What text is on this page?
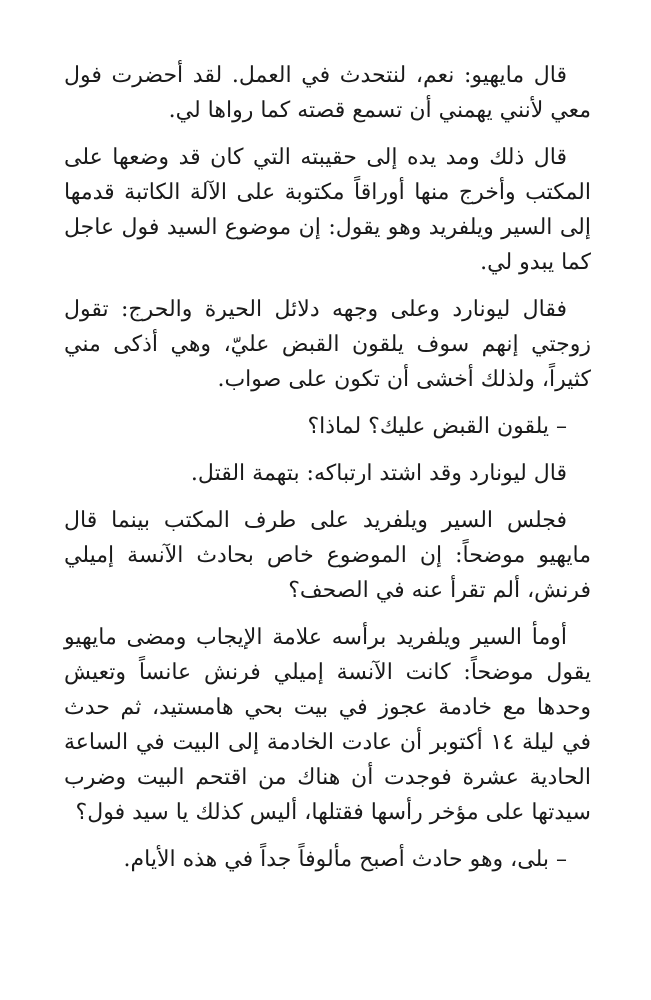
قال مايهيو: نعم، لنتحدث في العمل. لقد أحضرت فول معي لأنني يهمني أن تسمع قصته كما رواها لي.

قال ذلك ومد يده إلى حقيبته التي كان قد وضعها على المكتب وأخرج منها أوراقاً مكتوبة على الآلة الكاتبة قدمها إلى السير ويلفريد وهو يقول: إن موضوع السيد فول عاجل كما يبدو لي.

فقال ليونارد وعلى وجهه دلائل الحيرة والحرج: تقول زوجتي إنهم سوف يلقون القبض عليّ، وهي أذكى مني كثيراً، ولذلك أخشى أن تكون على صواب.

– يلقون القبض عليك؟ لماذا؟

قال ليونارد وقد اشتد ارتباكه: بتهمة القتل.

فجلس السير ويلفريد على طرف المكتب بينما قال مايهيو موضحاً: إن الموضوع خاص بحادث الآنسة إميلي فرنش، ألم تقرأ عنه في الصحف؟

أومأ السير ويلفريد برأسه علامة الإيجاب ومضى مايهيو يقول موضحاً: كانت الآنسة إميلي فرنش عانساً وتعيش وحدها مع خادمة عجوز في بيت بحي هامستيد، ثم حدث في ليلة ١٤ أكتوبر أن عادت الخادمة إلى البيت في الساعة الحادية عشرة فوجدت أن هناك من اقتحم البيت وضرب سيدتها على مؤخر رأسها فقتلها، أليس كذلك يا سيد فول؟

– بلى، وهو حادث أصبح مألوفاً جداً في هذه الأيام.
